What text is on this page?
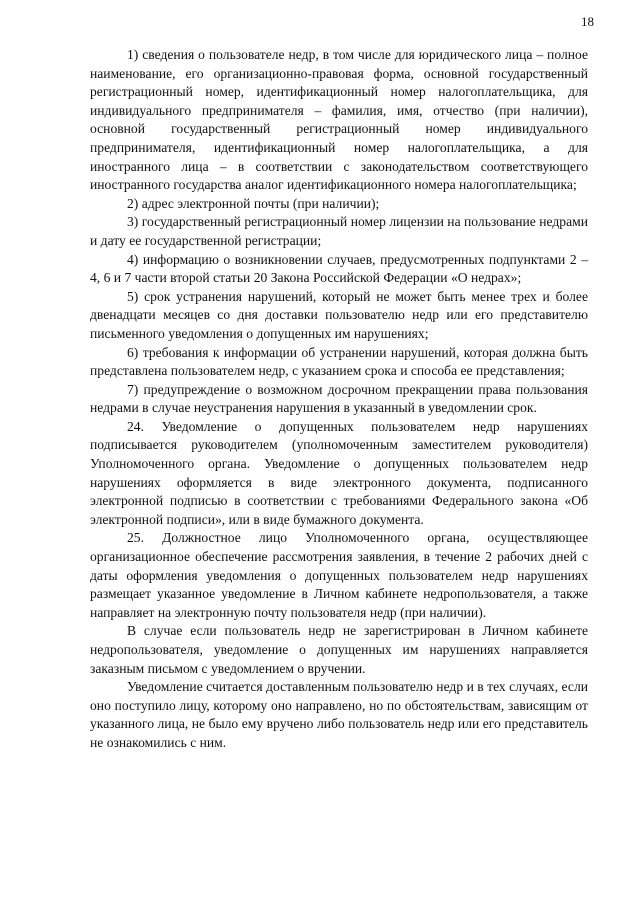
18

1) сведения о пользователе недр, в том числе для юридического лица – полное наименование, его организационно-правовая форма, основной государственный регистрационный номер, идентификационный номер налогоплательщика, для индивидуального предпринимателя – фамилия, имя, отчество (при наличии), основной государственный регистрационный номер индивидуального предпринимателя, идентификационный номер налогоплательщика, а для иностранного лица – в соответствии с законодательством соответствующего иностранного государства аналог идентификационного номера налогоплательщика;

2) адрес электронной почты (при наличии);

3) государственный регистрационный номер лицензии на пользование недрами и дату ее государственной регистрации;

4) информацию о возникновении случаев, предусмотренных подпунктами 2 – 4, 6 и 7 части второй статьи 20 Закона Российской Федерации «О недрах»;

5) срок устранения нарушений, который не может быть менее трех и более двенадцати месяцев со дня доставки пользователю недр или его представителю письменного уведомления о допущенных им нарушениях;

6) требования к информации об устранении нарушений, которая должна быть представлена пользователем недр, с указанием срока и способа ее представления;

7) предупреждение о возможном досрочном прекращении права пользования недрами в случае неустранения нарушения в указанный в уведомлении срок.

24. Уведомление о допущенных пользователем недр нарушениях подписывается руководителем (уполномоченным заместителем руководителя) Уполномоченного органа. Уведомление о допущенных пользователем недр нарушениях оформляется в виде электронного документа, подписанного электронной подписью в соответствии с требованиями Федерального закона «Об электронной подписи», или в виде бумажного документа.

25. Должностное лицо Уполномоченного органа, осуществляющее организационное обеспечение рассмотрения заявления, в течение 2 рабочих дней с даты оформления уведомления о допущенных пользователем недр нарушениях размещает указанное уведомление в Личном кабинете недропользователя, а также направляет на электронную почту пользователя недр (при наличии).

В случае если пользователь недр не зарегистрирован в Личном кабинете недропользователя, уведомление о допущенных им нарушениях направляется заказным письмом с уведомлением о вручении.

Уведомление считается доставленным пользователю недр и в тех случаях, если оно поступило лицу, которому оно направлено, но по обстоятельствам, зависящим от указанного лица, не было ему вручено либо пользователь недр или его представитель не ознакомились с ним.
